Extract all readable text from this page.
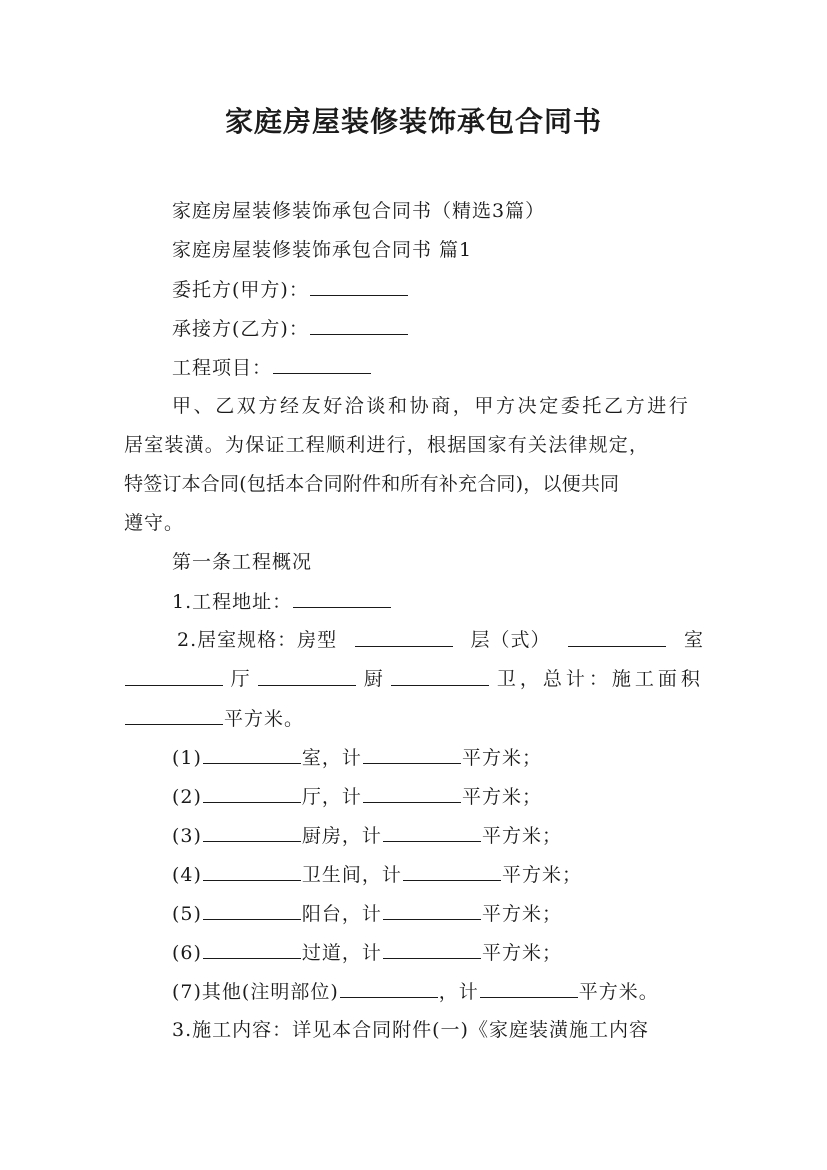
家庭房屋装修装饰承包合同书
家庭房屋装修装饰承包合同书（精选3篇）
家庭房屋装修装饰承包合同书 篇1
委托方(甲方)：
承接方(乙方)：
工程项目：
甲、乙双方经友好洽谈和协商，甲方决定委托乙方进行
居室装潢。为保证工程顺利进行，根据国家有关法律规定，
特签订本合同(包括本合同附件和所有补充合同)，以便共同
遵守。
第一条工程概况
1.工程地址：
2.居室规格：房型	层（式）	室
厅	厨	卫，总计：施工面积
平方米。
(1)	室，计	平方米；
(2)	厅，计	平方米；
(3)	厨房，计	平方米；
(4)	卫生间，计	平方米；
(5)	阳台，计	平方米；
(6)	过道，计	平方米；
(7)其他(注明部位)	，计	平方米。
3.施工内容：详见本合同附件(一)《家庭装潢施工内容
